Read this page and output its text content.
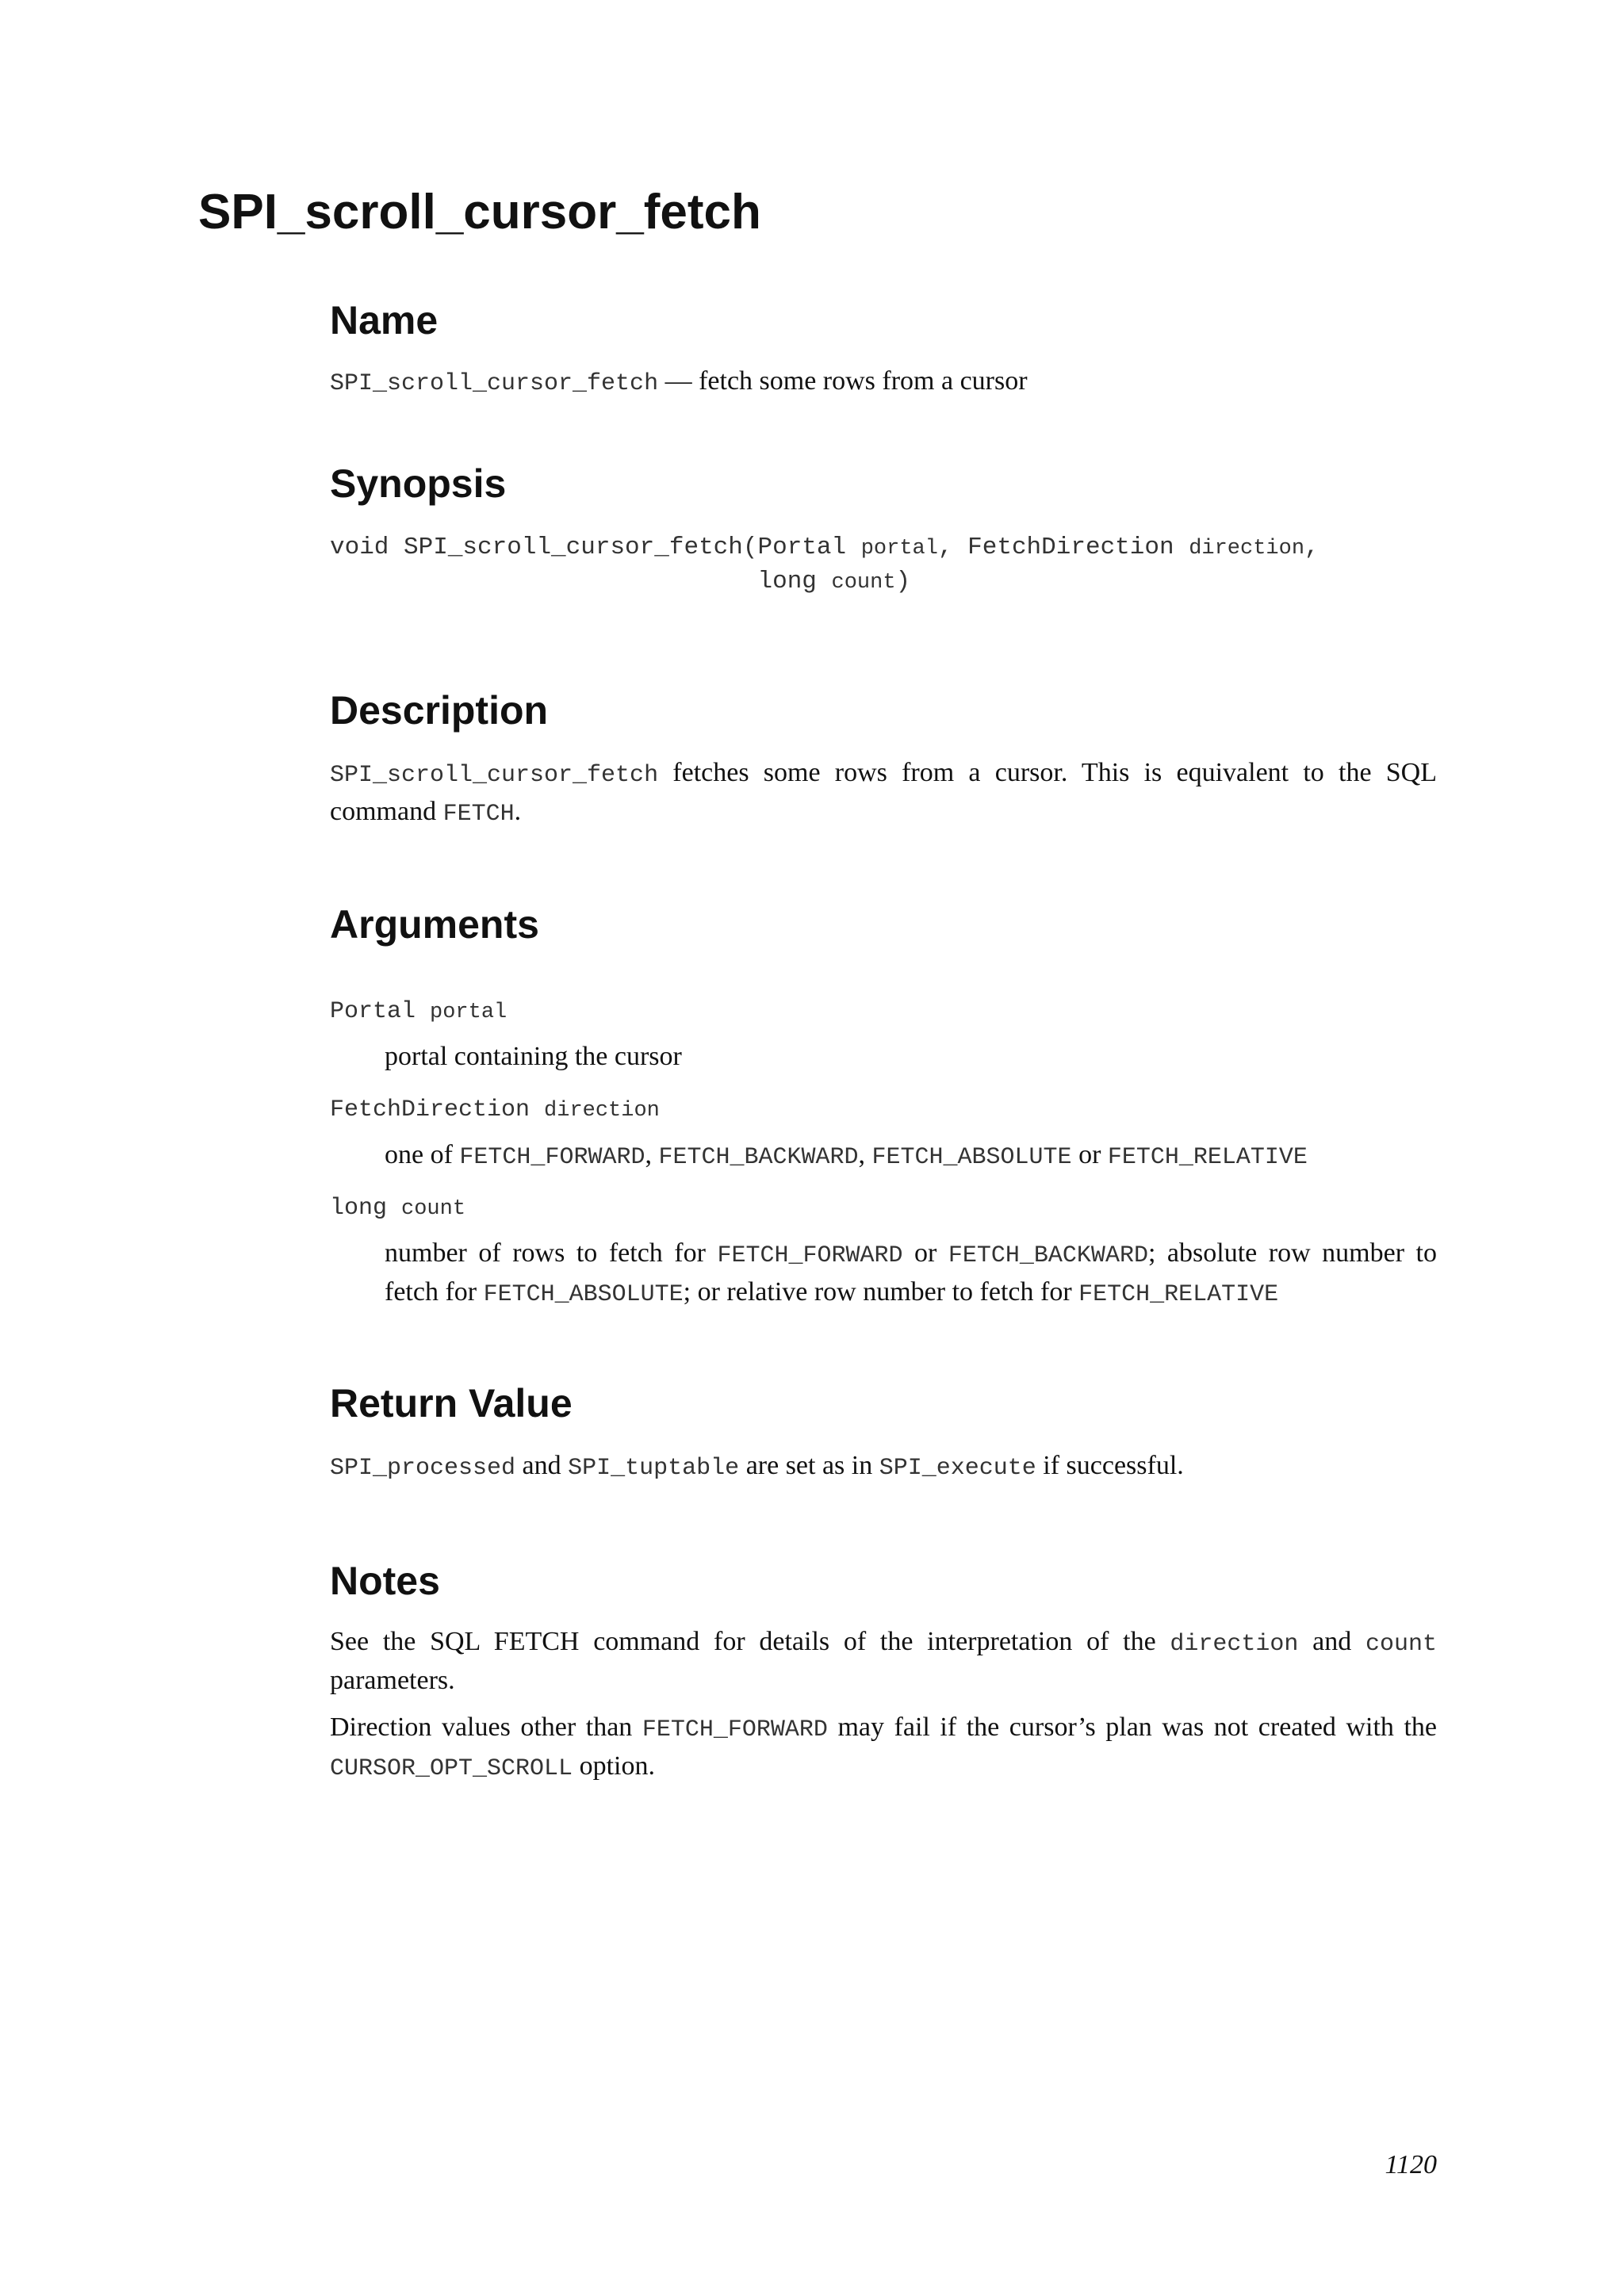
SPI_scroll_cursor_fetch
Name

SPI_scroll_cursor_fetch — fetch some rows from a cursor

Synopsis
void SPI_scroll_cursor_fetch(Portal portal, FetchDirection direction,
long count)
Description

SPI_scroll_cursor_fetch fetches some rows from a cursor. This is equivalent to the SQL command FETCH.

Arguments
Portal portal

portal containing the cursor

FetchDirection direction

one of FETCH_FORWARD, FETCH_BACKWARD, FETCH_ABSOLUTE or FETCH_RELATIVE

long count

number of rows to fetch for FETCH_FORWARD or FETCH_BACKWARD; absolute row number to fetch for FETCH_ABSOLUTE; or relative row number to fetch for FETCH_RELATIVE

Return Value

SPI_processed and SPI_tuptable are set as in SPI_execute if successful.

Notes

See the SQL FETCH command for details of the interpretation of the direction and count parameters.

Direction values other than FETCH_FORWARD may fail if the cursor’s plan was not created with the CURSOR_OPT_SCROLL option.

1120
